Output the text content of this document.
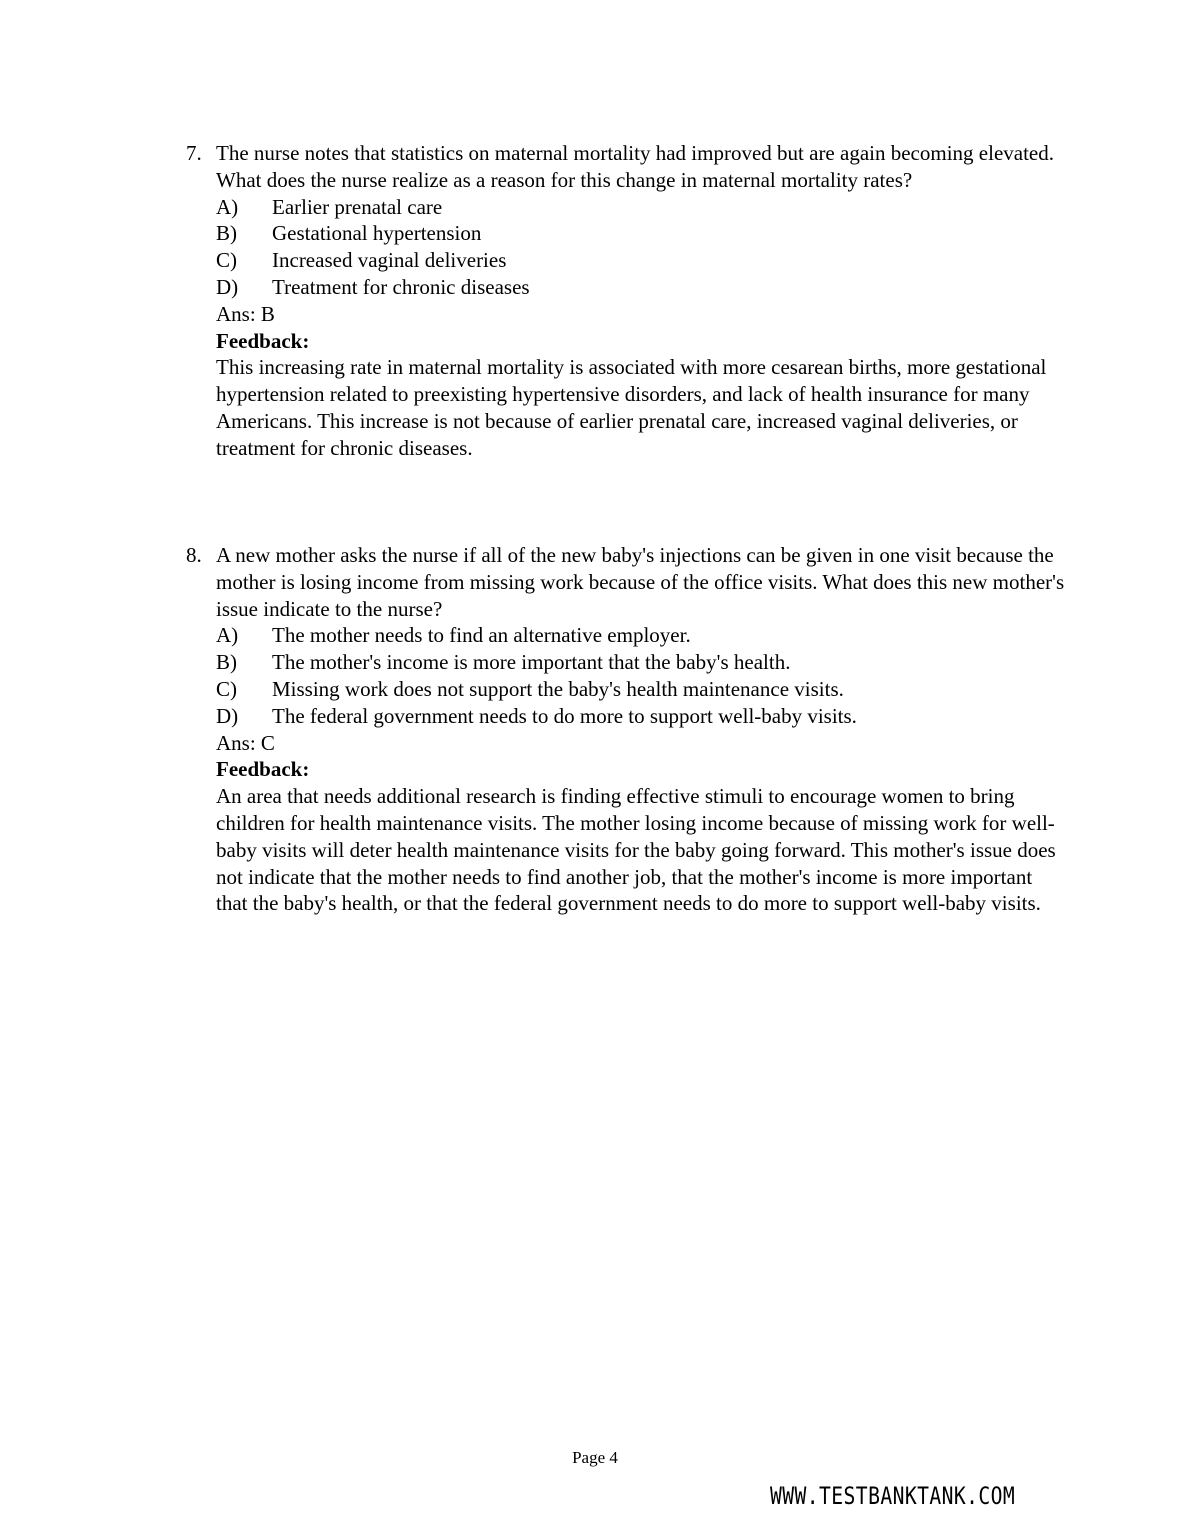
7. The nurse notes that statistics on maternal mortality had improved but are again becoming elevated. What does the nurse realize as a reason for this change in maternal mortality rates?

A) Earlier prenatal care
B) Gestational hypertension
C) Increased vaginal deliveries
D) Treatment for chronic diseases

Ans: B

Feedback:

This increasing rate in maternal mortality is associated with more cesarean births, more gestational hypertension related to preexisting hypertensive disorders, and lack of health insurance for many Americans. This increase is not because of earlier prenatal care, increased vaginal deliveries, or treatment for chronic diseases.

8. A new mother asks the nurse if all of the new baby's injections can be given in one visit because the mother is losing income from missing work because of the office visits. What does this new mother's issue indicate to the nurse?

A) The mother needs to find an alternative employer.
B) The mother's income is more important that the baby's health.
C) Missing work does not support the baby's health maintenance visits.
D) The federal government needs to do more to support well-baby visits.

Ans: C

Feedback:

An area that needs additional research is finding effective stimuli to encourage women to bring children for health maintenance visits. The mother losing income because of missing work for well-baby visits will deter health maintenance visits for the baby going forward. This mother's issue does not indicate that the mother needs to find another job, that the mother's income is more important that the baby's health, or that the federal government needs to do more to support well-baby visits.

Page 4
WWW.TESTBANKTANK.COM
